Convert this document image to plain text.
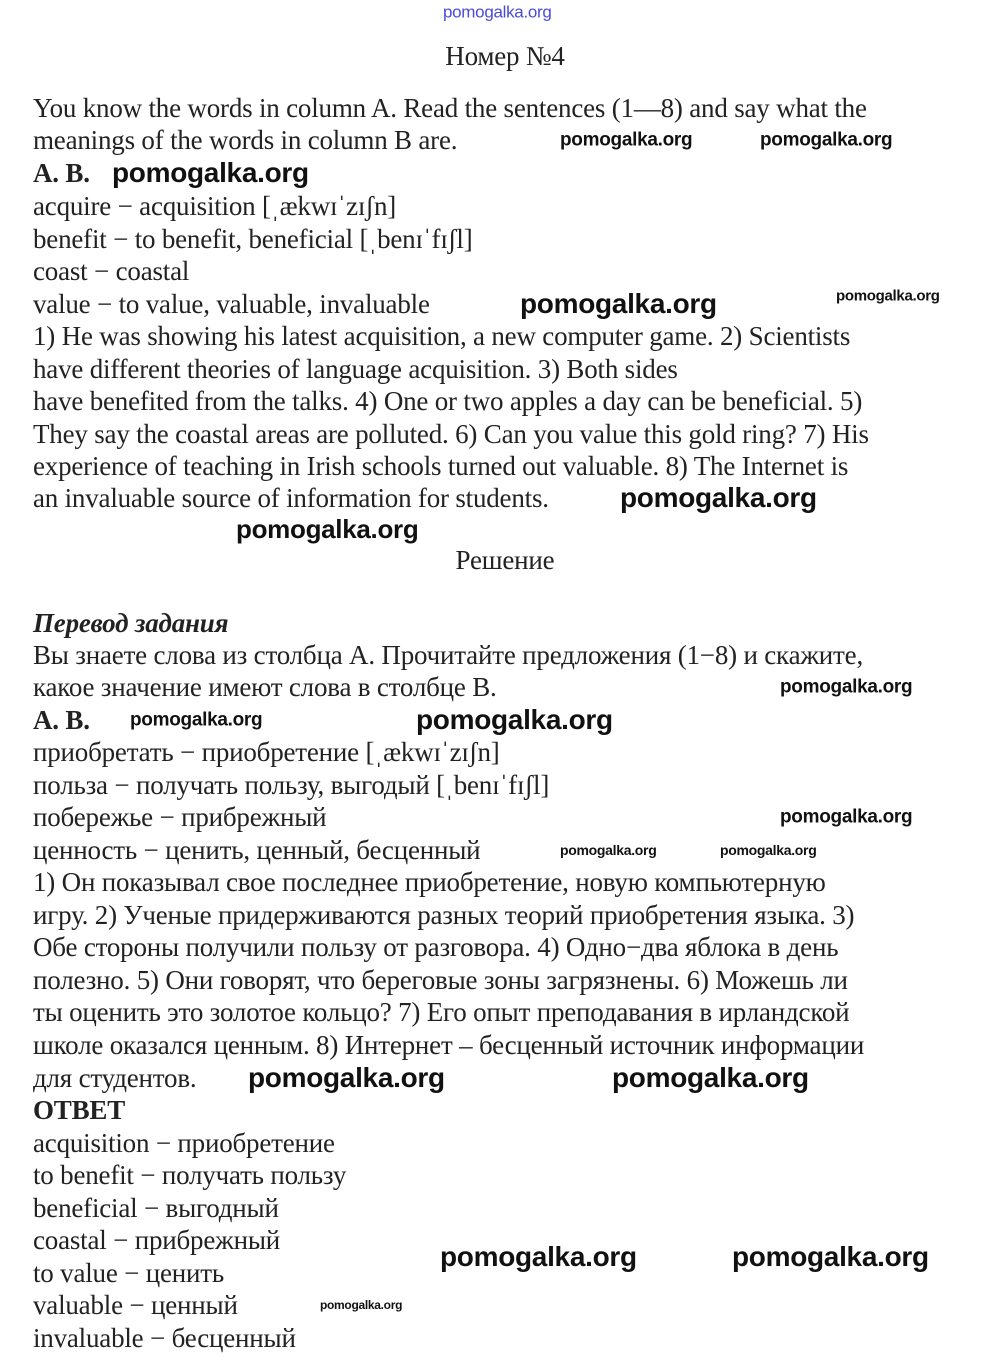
Номер №4
Решение
Перевод задания
ОТВЕТ
You know the words in column A. Read the sentences (1—8) and say what the
meanings of the words in column B are.
A. B.
acquire − acquisition [ˌækwɪˈzɪʃn]
benefit − to benefit, beneficial [ˌbenɪˈfɪʃl]
coast − coastal
value − to value, valuable, invaluable
1) He was showing his latest acquisition, a new computer game. 2) Scientists
have different theories of language acquisition. 3) Both sides
have benefited from the talks. 4) One or two apples a day can be beneficial. 5)
They say the coastal areas are polluted. 6) Can you value this gold ring? 7) His
experience of teaching in Irish schools turned out valuable. 8) The Internet is
an invaluable source of information for students.
Вы знаете слова из столбца А. Прочитайте предложения (1−8) и скажите,
какое значение имеют слова в столбце В.
A. B.
приобретать − приобретение [ˌækwɪˈzɪʃn]
польза − получать пользу, выгодый [ˌbenɪˈfɪʃl]
побережье − прибрежный
ценность − ценить, ценный, бесценный
1) Он показывал свое последнее приобретение, новую компьютерную
игру. 2) Ученые придерживаются разных теорий приобретения языка. 3)
Обе стороны получили пользу от разговора. 4) Одно−два яблока в день
полезно. 5) Они говорят, что береговые зоны загрязнены. 6) Можешь ли
ты оценить это золотое кольцо? 7) Его опыт преподавания в ирландской
школе оказался ценным. 8) Интернет – бесценный источник информации
для студентов.
acquisition − приобретение
to benefit − получать пользу
beneficial − выгодный
coastal − прибрежный
to value − ценить
valuable − ценный
invaluable − бесценный
pomogalka.org
pomogalka.org	pomogalka.org
pomogalka.org
pomogalka.org
pomogalka.org
pomogalka.org
pomogalka.org
pomogalka.org
pomogalka.org
pomogalka.org
pomogalka.org
pomogalka.org	pomogalka.org
pomogalka.org	pomogalka.org
pomogalka.org	pomogalka.org
pomogalka.org
